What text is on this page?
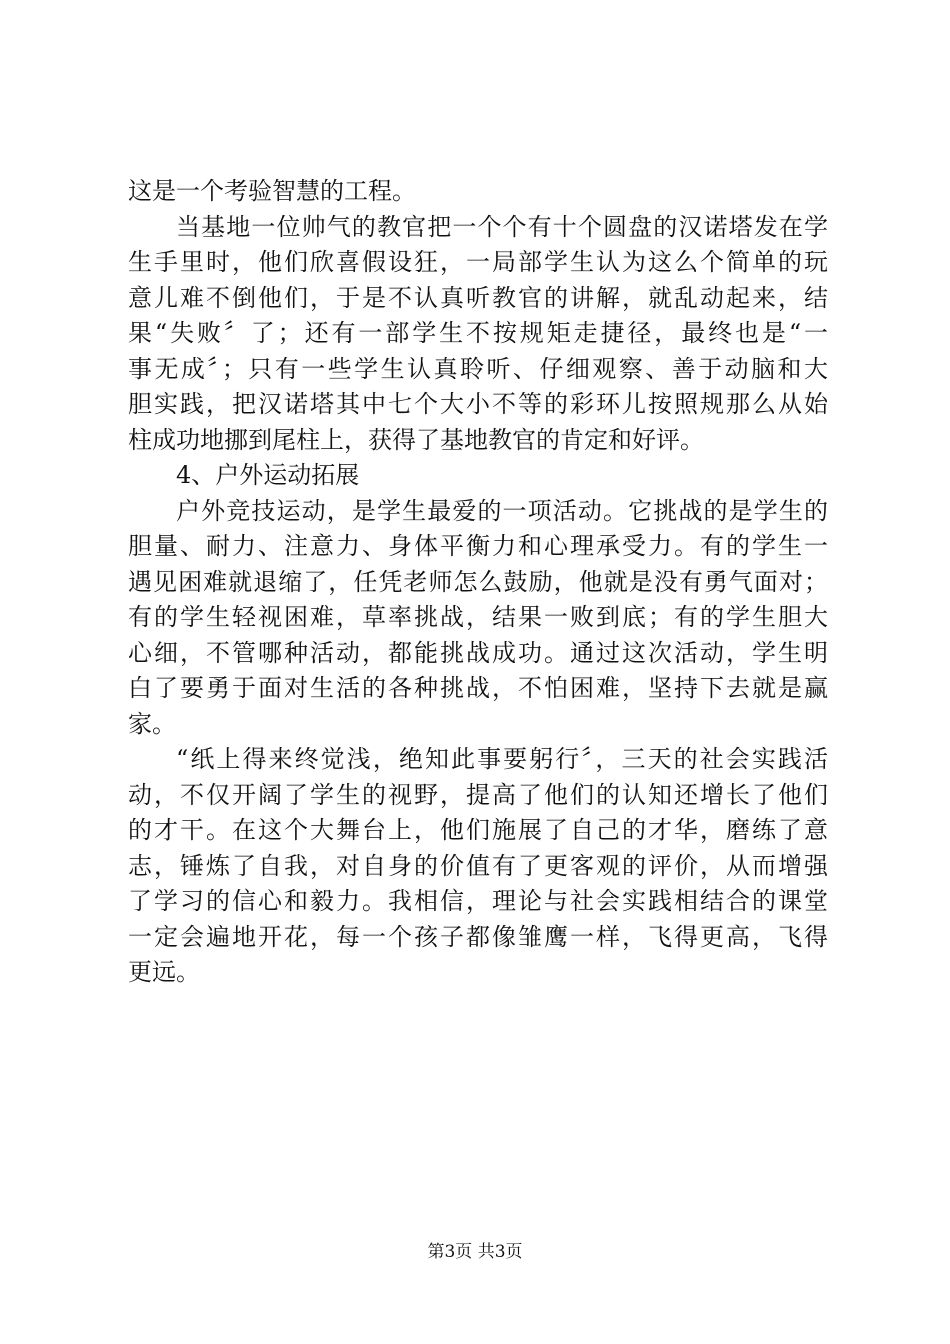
这是一个考验智慧的工程。
当基地一位帅气的教官把一个个有十个圆盘的汉诺塔发在学
生手里时，他们欣喜假设狂，一局部学生认为这么个简单的玩
意儿难不倒他们，于是不认真听教官的讲解，就乱动起来，结
果“失败〞了；还有一部学生不按规矩走捷径，最终也是“一
事无成〞；只有一些学生认真聆听、仔细观察、善于动脑和大
胆实践，把汉诺塔其中七个大小不等的彩环儿按照规那么从始
柱成功地挪到尾柱上，获得了基地教官的肯定和好评。
4、户外运动拓展
户外竞技运动，是学生最爱的一项活动。它挑战的是学生的
胆量、耐力、注意力、身体平衡力和心理承受力。有的学生一
遇见困难就退缩了，任凭老师怎么鼓励，他就是没有勇气面对；
有的学生轻视困难，草率挑战，结果一败到底；有的学生胆大
心细，不管哪种活动，都能挑战成功。通过这次活动，学生明
白了要勇于面对生活的各种挑战，不怕困难，坚持下去就是赢
家。
“纸上得来终觉浅，绝知此事要躬行〞，三天的社会实践活
动，不仅开阔了学生的视野，提高了他们的认知还增长了他们
的才干。在这个大舞台上，他们施展了自己的才华，磨练了意
志，锤炼了自我，对自身的价值有了更客观的评价，从而增强
了学习的信心和毅力。我相信，理论与社会实践相结合的课堂
一定会遍地开花，每一个孩子都像雏鹰一样，飞得更高，飞得
更远。
第3页 共3页
